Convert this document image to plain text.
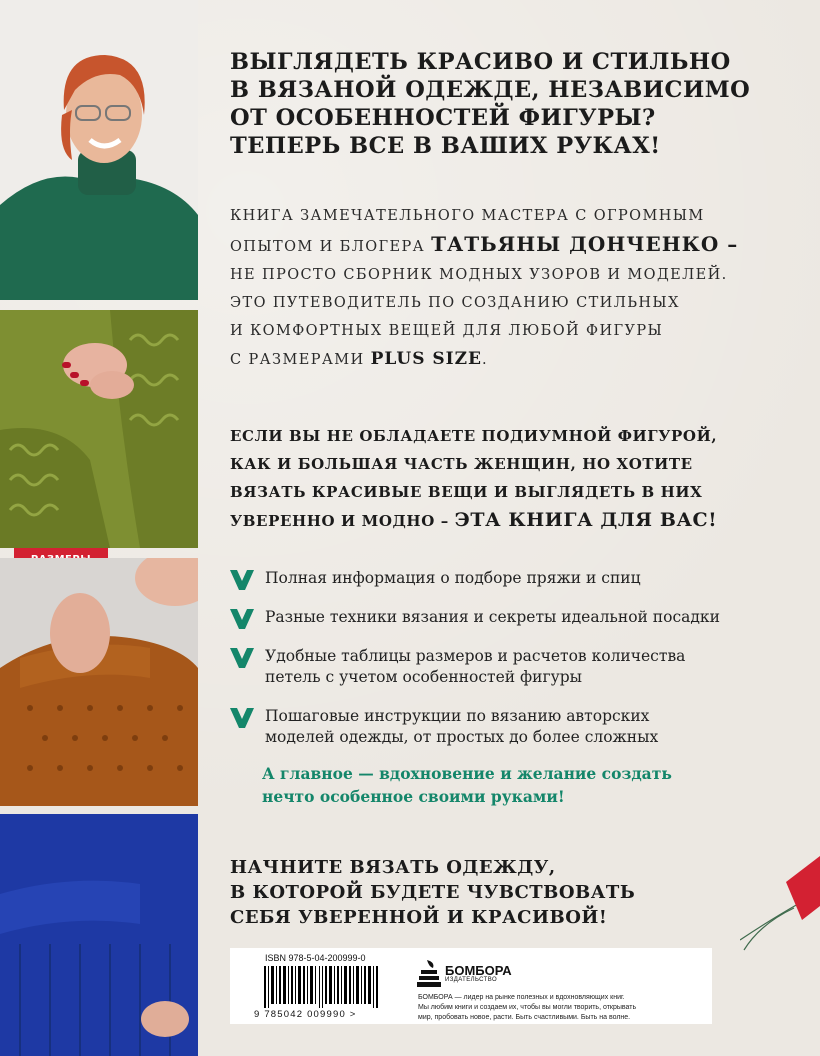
ВЫГЛЯДЕТЬ КРАСИВО И СТИЛЬНО
В ВЯЗАНОЙ ОДЕЖДЕ, НЕЗАВИСИМО
ОТ ОСОБЕННОСТЕЙ ФИГУРЫ?
ТЕПЕРЬ ВСЕ В ВАШИХ РУКАХ!
КНИГА ЗАМЕЧАТЕЛЬНОГО МАСТЕРА С ОГРОМНЫМ
ОПЫТОМ И БЛОГЕРА ТАТЬЯНЫ ДОНЧЕНКО –
НЕ ПРОСТО СБОРНИК МОДНЫХ УЗОРОВ И МОДЕЛЕЙ.
ЭТО ПУТЕВОДИТЕЛЬ ПО СОЗДАНИЮ СТИЛЬНЫХ
И КОМФОРТНЫХ ВЕЩЕЙ ДЛЯ ЛЮБОЙ ФИГУРЫ
С РАЗМЕРАМИ PLUS SIZE.
ЕСЛИ ВЫ НЕ ОБЛАДАЕТЕ ПОДИУМНОЙ ФИГУРОЙ,
КАК И БОЛЬШАЯ ЧАСТЬ ЖЕНЩИН, НО ХОТИТЕ
ВЯЗАТЬ КРАСИВЫЕ ВЕЩИ И ВЫГЛЯДЕТЬ В НИХ
УВЕРЕННО И МОДНО – ЭТА КНИГА ДЛЯ ВАС!
Полная информация о подборе пряжи и спиц
Разные техники вязания и секреты идеальной посадки
Удобные таблицы размеров и расчетов количества
петель с учетом особенностей фигуры
Пошаговые инструкции по вязанию авторских
моделей одежды, от простых до более сложных
А главное — вдохновение и желание создать
нечто особенное своими руками!
НАЧНИТЕ ВЯЗАТЬ ОДЕЖДУ,
В КОТОРОЙ БУДЕТЕ ЧУВСТВОВАТЬ
СЕБЯ УВЕРЕННОЙ И КРАСИВОЙ!
ISBN 978-5-04-200999-0
9 785042 009990 >
БОМБОРА
ИЗДАТЕЛЬСТВО
БОМБОРА — лидер на рынке полезных и вдохновляющих книг.
Мы любим книги и создаем их, чтобы вы могли творить, открывать
мир, пробовать новое, расти. Быть счастливыми. Быть на волне.
